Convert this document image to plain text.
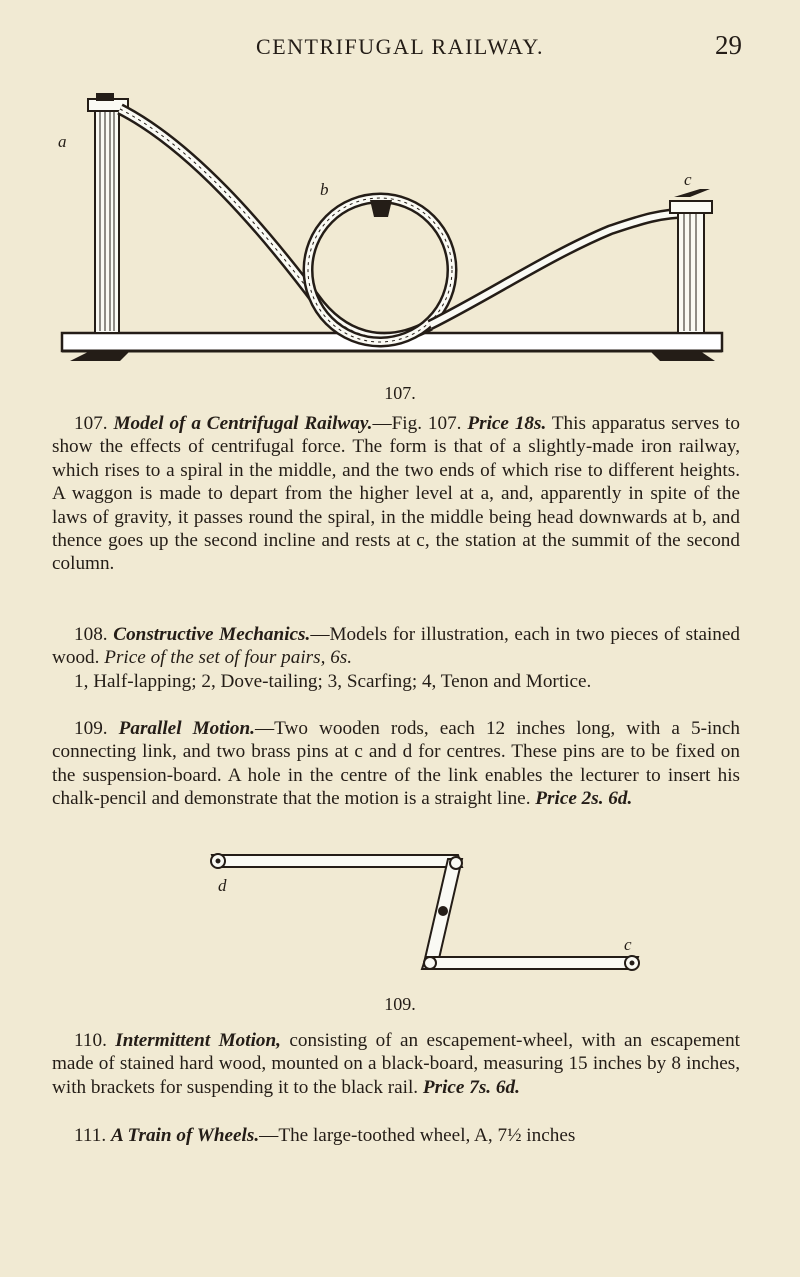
CENTRIFUGAL RAILWAY.	29
a
b
c
107.

107. Model of a Centrifugal Railway.—Fig. 107. Price 18s. This apparatus serves to show the effects of centrifugal force. The form is that of a slightly-made iron railway, which rises to a spiral in the middle, and the two ends of which rise to different heights. A waggon is made to depart from the higher level at a, and, apparently in spite of the laws of gravity, it passes round the spiral, in the middle being head downwards at b, and thence goes up the second incline and rests at c, the station at the summit of the second column.

108. Constructive Mechanics.—Models for illustration, each in two pieces of stained wood. Price of the set of four pairs, 6s.

1, Half-lapping; 2, Dove-tailing; 3, Scarfing; 4, Tenon and Mortice.

109. Parallel Motion.—Two wooden rods, each 12 inches long, with a 5-inch connecting link, and two brass pins at c and d for centres. These pins are to be fixed on the suspension-board. A hole in the centre of the link enables the lecturer to insert his chalk-pencil and demonstrate that the motion is a straight line. Price 2s. 6d.

d
c
109.

110. Intermittent Motion, consisting of an escapement-wheel, with an escapement made of stained hard wood, mounted on a black-board, measuring 15 inches by 8 inches, with brackets for suspending it to the black rail. Price 7s. 6d.

111. A Train of Wheels.—The large-toothed wheel, A, 7½ inches
